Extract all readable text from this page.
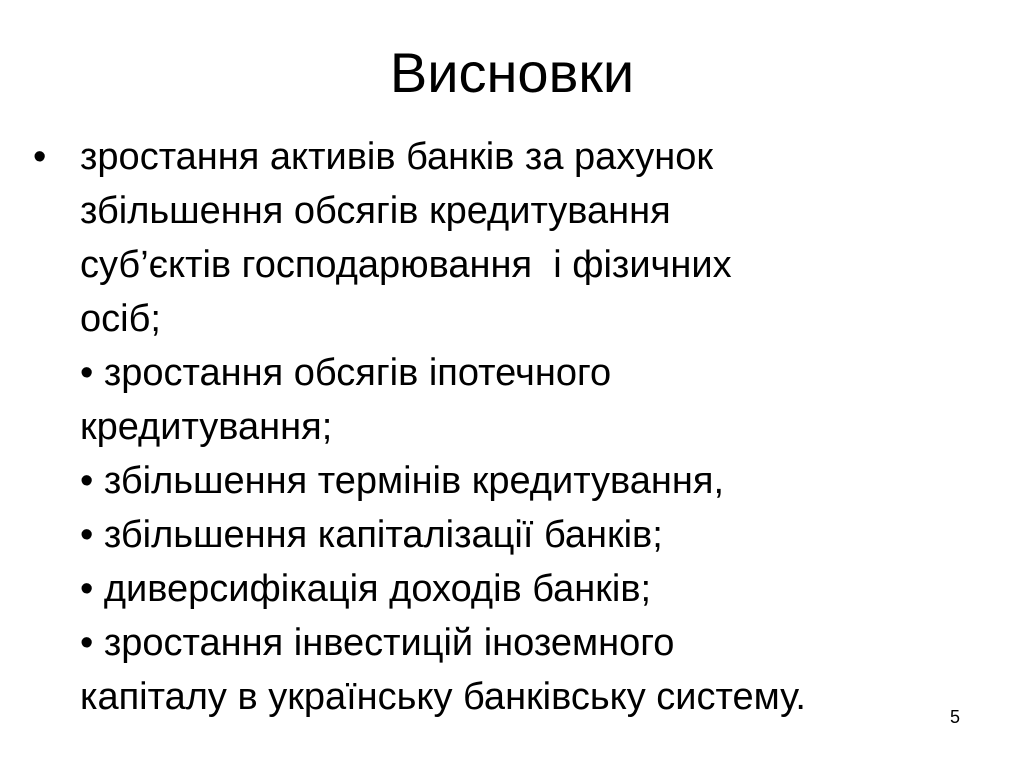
Висновки
• зростання активів банків за рахунок
збільшення обсягів кредитування
суб’єктів господарювання  і фізичних
осіб;
• зростання обсягів іпотечного
кредитування;
• збільшення термінів кредитування,
• збільшення капіталізації банків;
• диверсифікація доходів банків;
• зростання інвестицій іноземного
капіталу в українську банківську систему.	5
